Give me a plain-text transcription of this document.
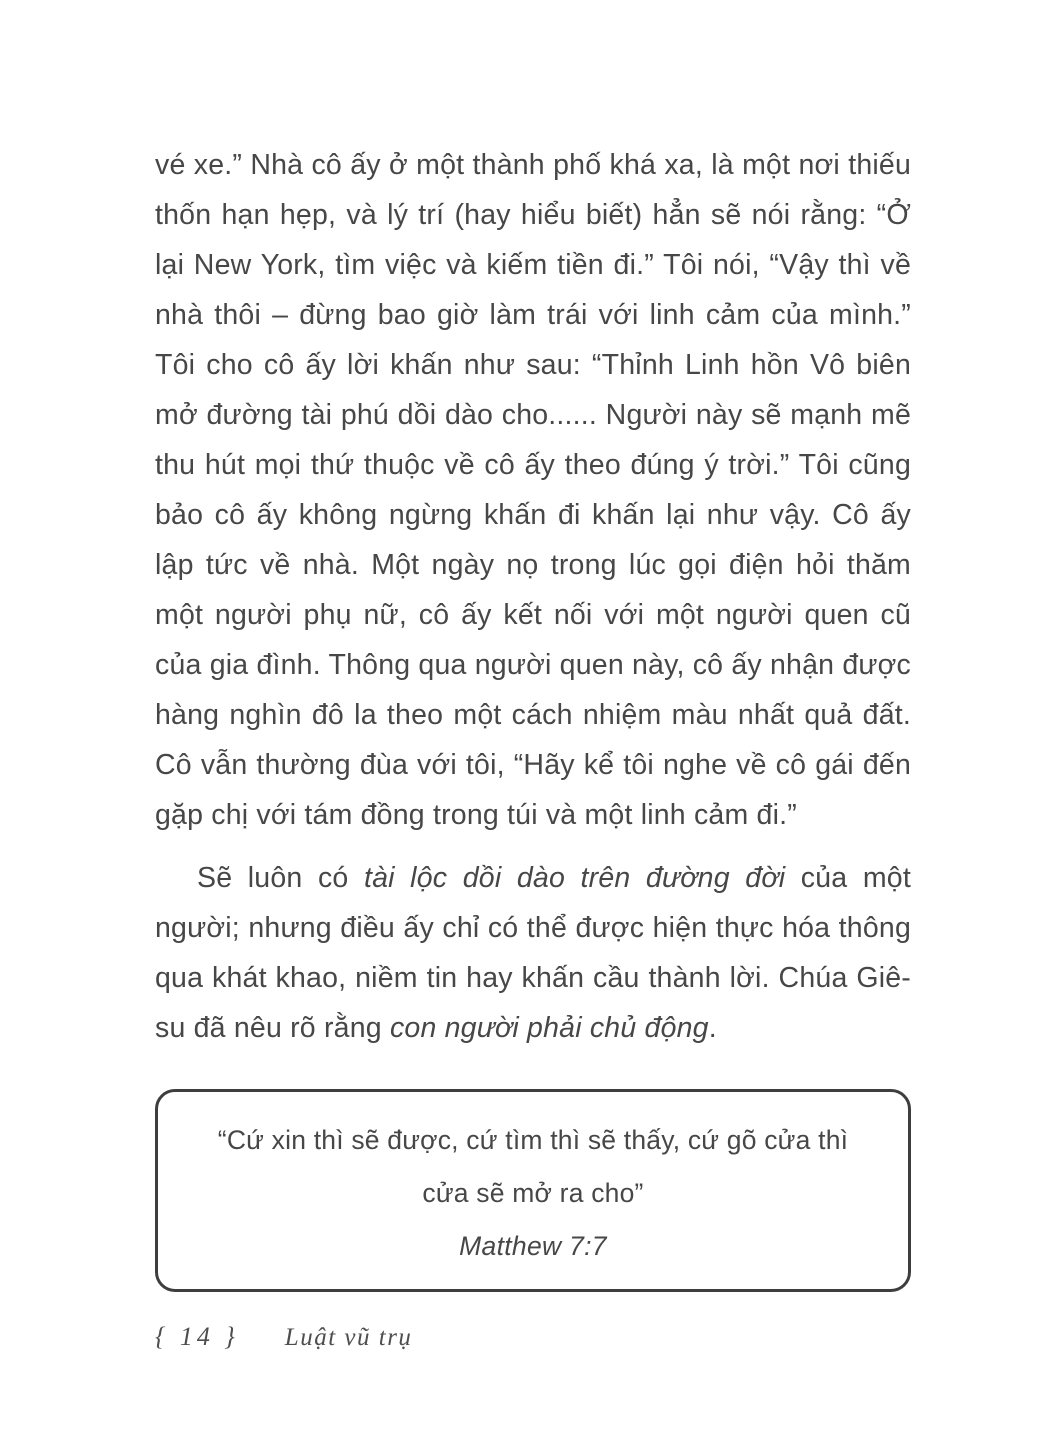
vé xe.” Nhà cô ấy ở một thành phố khá xa, là một nơi thiếu thốn hạn hẹp, và lý trí (hay hiểu biết) hẳn sẽ nói rằng: “Ở lại New York, tìm việc và kiếm tiền đi.” Tôi nói, “Vậy thì về nhà thôi – đừng bao giờ làm trái với linh cảm của mình.” Tôi cho cô ấy lời khấn như sau: “Thỉnh Linh hồn Vô biên mở đường tài phú dồi dào cho...... Người này sẽ mạnh mẽ thu hút mọi thứ thuộc về cô ấy theo đúng ý trời.” Tôi cũng bảo cô ấy không ngừng khấn đi khấn lại như vậy. Cô ấy lập tức về nhà. Một ngày nọ trong lúc gọi điện hỏi thăm một người phụ nữ, cô ấy kết nối với một người quen cũ của gia đình. Thông qua người quen này, cô ấy nhận được hàng nghìn đô la theo một cách nhiệm màu nhất quả đất. Cô vẫn thường đùa với tôi, “Hãy kể tôi nghe về cô gái đến gặp chị với tám đồng trong túi và một linh cảm đi.”

Sẽ luôn có tài lộc dồi dào trên đường đời của một người; nhưng điều ấy chỉ có thể được hiện thực hóa thông qua khát khao, niềm tin hay khấn cầu thành lời. Chúa Giê-su đã nêu rõ rằng con người phải chủ động.

“Cứ xin thì sẽ được, cứ tìm thì sẽ thấy, cứ gõ cửa thì cửa sẽ mở ra cho”

Matthew 7:7

{ 14 } Luật vũ trụ
